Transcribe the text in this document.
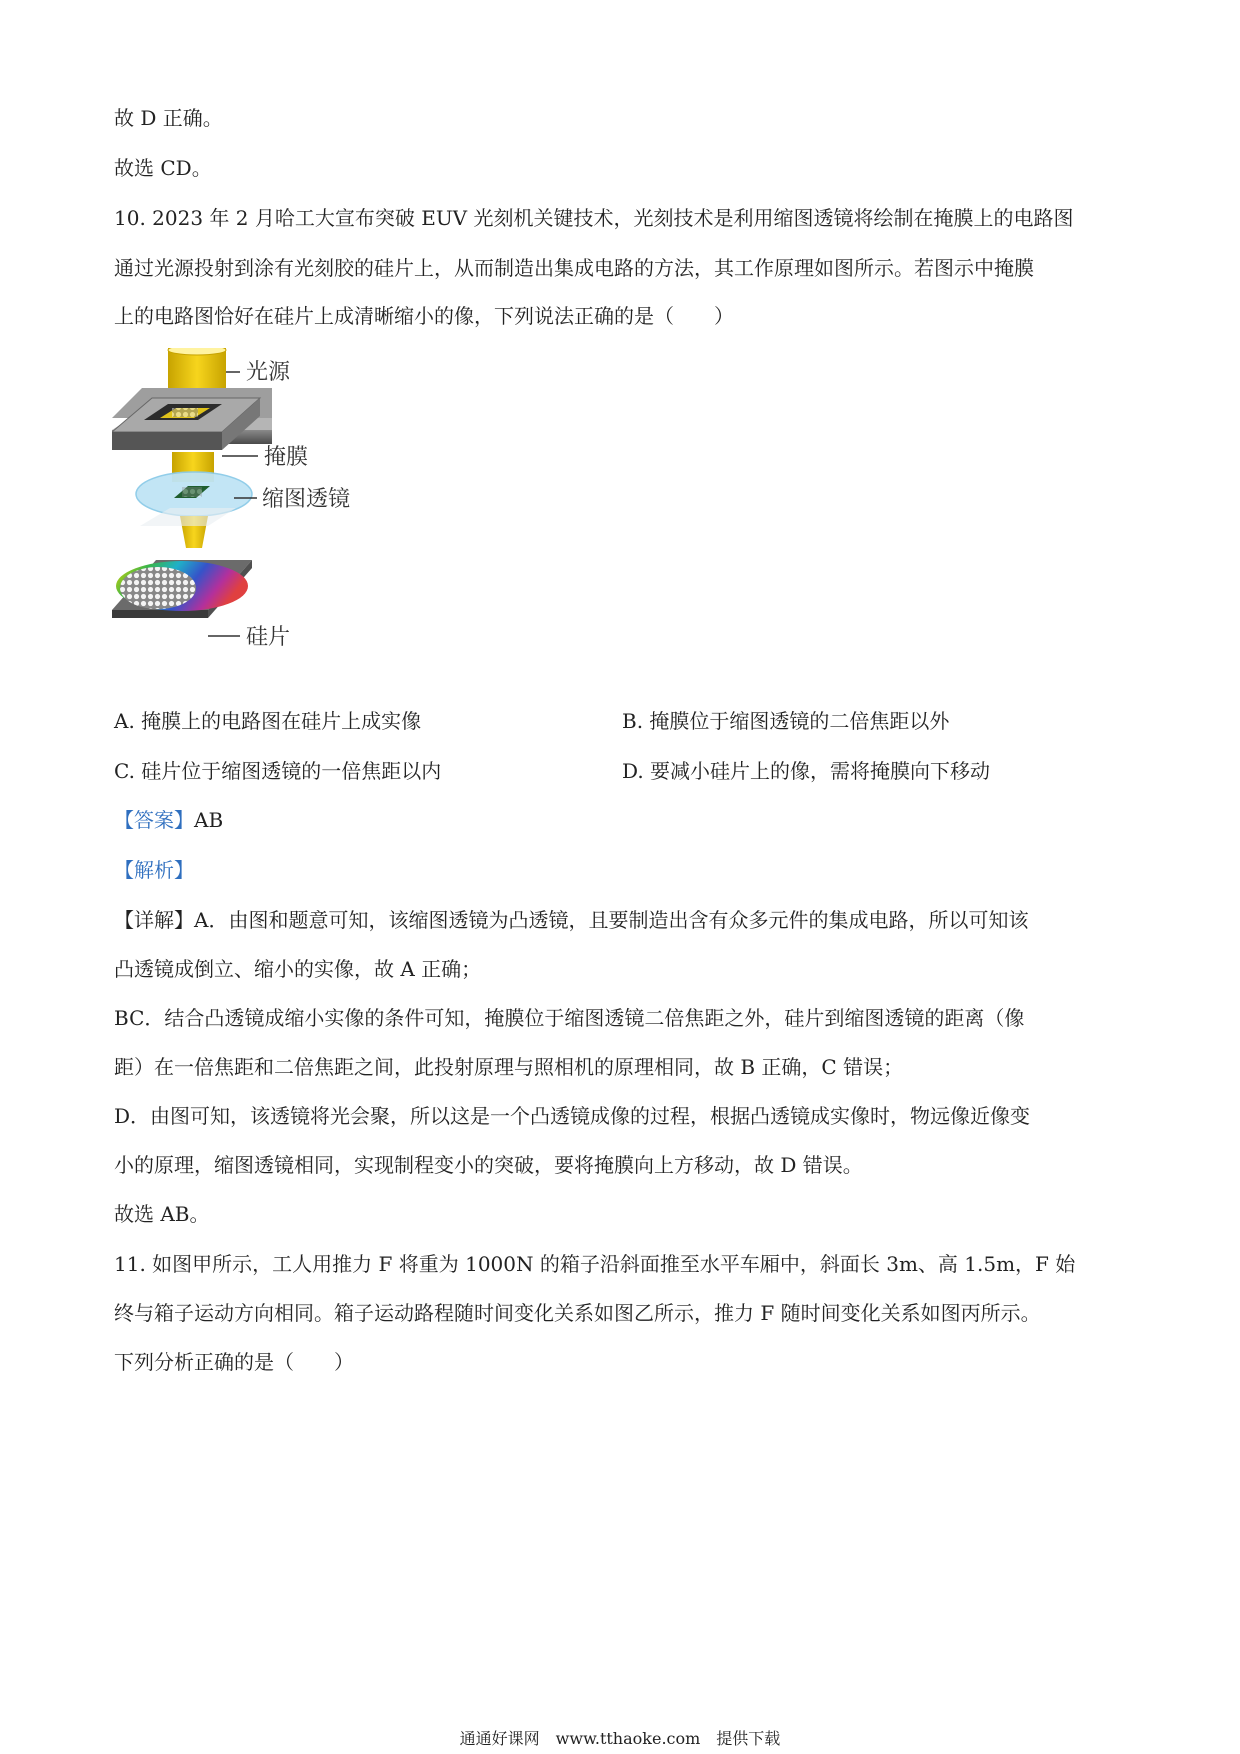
故 D 正确。
故选 CD。
10. 2023 年 2 月哈工大宣布突破 EUV 光刻机关键技术，光刻技术是利用缩图透镜将绘制在掩膜上的电路图
通过光源投射到涂有光刻胶的硅片上，从而制造出集成电路的方法，其工作原理如图所示。若图示中掩膜
上的电路图恰好在硅片上成清晰缩小的像，下列说法正确的是（　　）
光源
掩膜
缩图透镜
硅片
A. 掩膜上的电路图在硅片上成实像	B. 掩膜位于缩图透镜的二倍焦距以外
C. 硅片位于缩图透镜的一倍焦距以内	D. 要减小硅片上的像，需将掩膜向下移动
【答案】AB
【解析】
【详解】A．由图和题意可知，该缩图透镜为凸透镜，且要制造出含有众多元件的集成电路，所以可知该
凸透镜成倒立、缩小的实像，故 A 正确；
BC．结合凸透镜成缩小实像的条件可知，掩膜位于缩图透镜二倍焦距之外，硅片到缩图透镜的距离（像
距）在一倍焦距和二倍焦距之间，此投射原理与照相机的原理相同，故 B 正确，C 错误；
D．由图可知，该透镜将光会聚，所以这是一个凸透镜成像的过程，根据凸透镜成实像时，物远像近像变
小的原理，缩图透镜相同，实现制程变小的突破，要将掩膜向上方移动，故 D 错误。
故选 AB。
11. 如图甲所示，工人用推力 F 将重为 1000N 的箱子沿斜面推至水平车厢中，斜面长 3m、高 1.5m，F 始
终与箱子运动方向相同。箱子运动路程随时间变化关系如图乙所示，推力 F 随时间变化关系如图丙所示。
下列分析正确的是（　　）
通通好课网　www.tthaoke.com　提供下载
